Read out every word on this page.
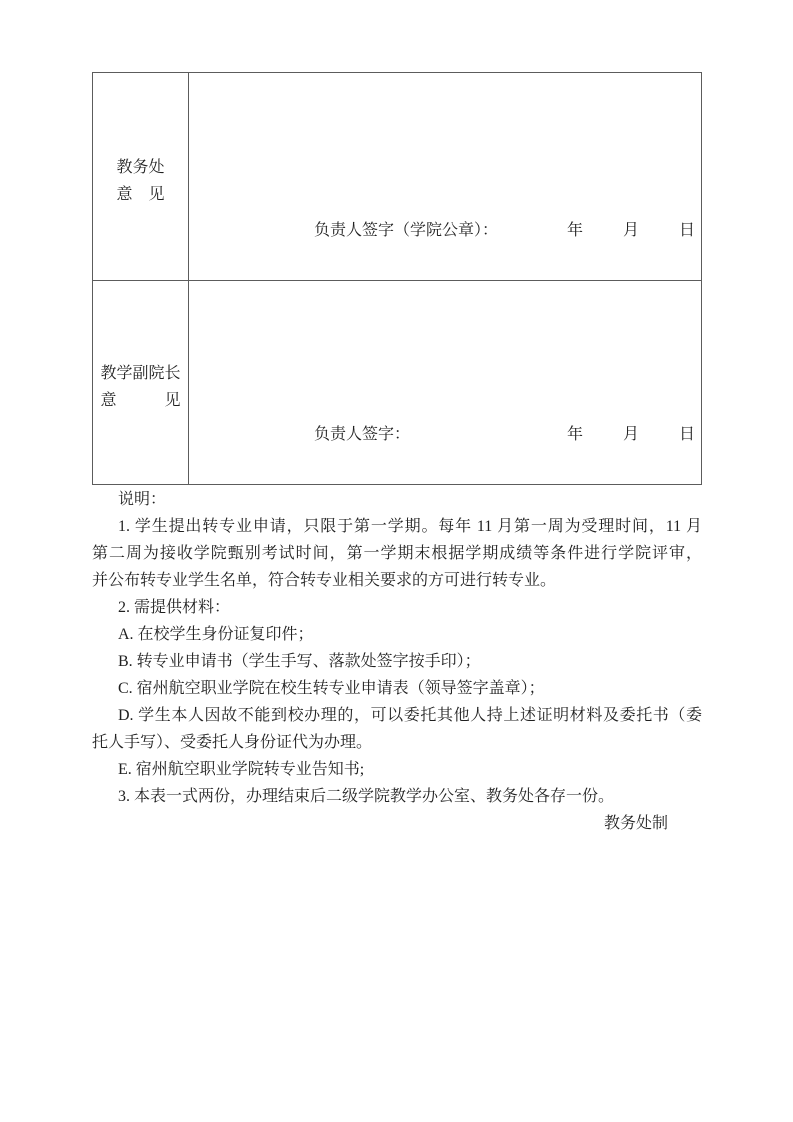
教务处
意 见

负责人签字（学院公章）：	年	月	日

教学副院长
意	见

负责人签字：	年	月	日
说明：
1. 学生提出转专业申请，只限于第一学期。每年 11 月第一周为受理时间，11 月
第二周为接收学院甄别考试时间，第一学期末根据学期成绩等条件进行学院评审，
并公布转专业学生名单，符合转专业相关要求的方可进行转专业。
2. 需提供材料：
A. 在校学生身份证复印件；
B. 转专业申请书（学生手写、落款处签字按手印）；
C. 宿州航空职业学院在校生转专业申请表（领导签字盖章）；
D. 学生本人因故不能到校办理的，可以委托其他人持上述证明材料及委托书（委
托人手写）、受委托人身份证代为办理。
E. 宿州航空职业学院转专业告知书;
3. 本表一式两份，办理结束后二级学院教学办公室、教务处各存一份。
教务处制
